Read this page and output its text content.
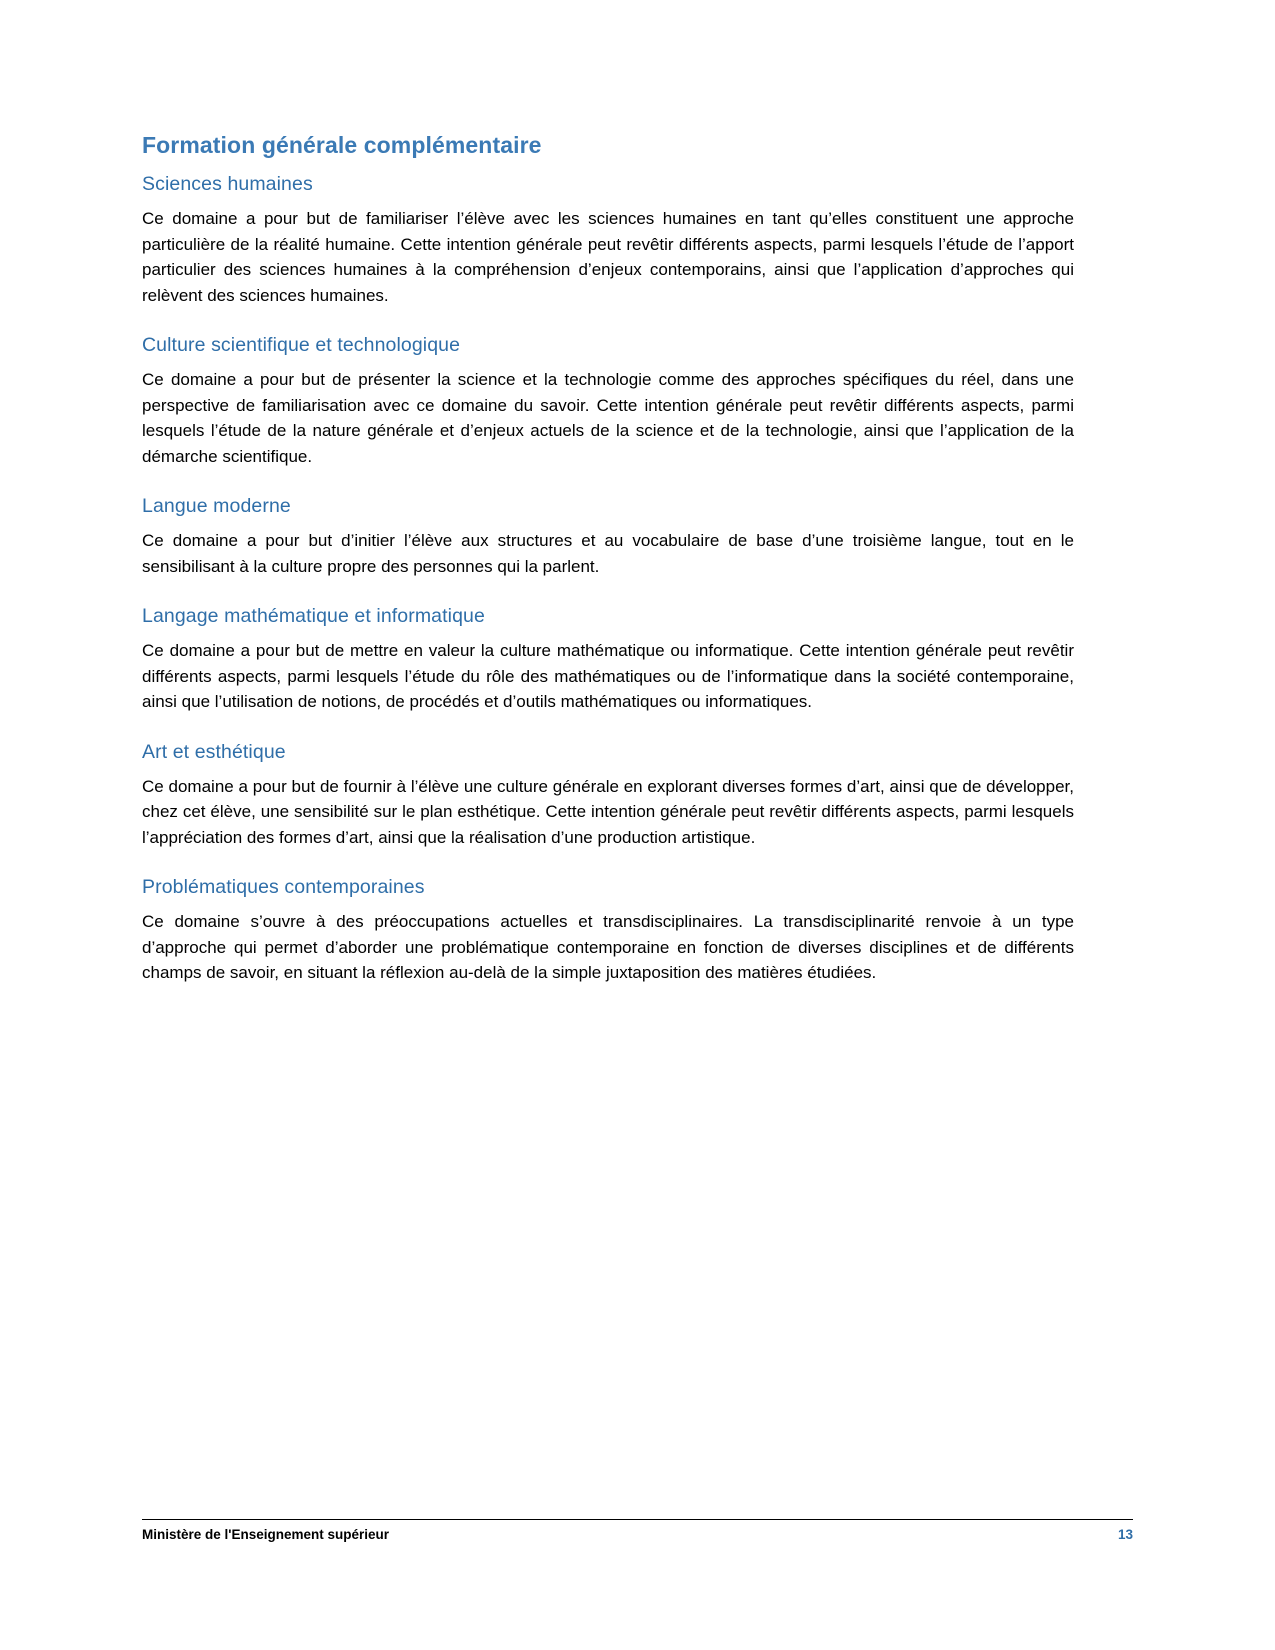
Formation générale complémentaire
Sciences humaines

Ce domaine a pour but de familiariser l’élève avec les sciences humaines en tant qu’elles constituent une approche particulière de la réalité humaine. Cette intention générale peut revêtir différents aspects, parmi lesquels l’étude de l’apport particulier des sciences humaines à la compréhension d’enjeux contemporains, ainsi que l’application d’approches qui relèvent des sciences humaines.

Culture scientifique et technologique

Ce domaine a pour but de présenter la science et la technologie comme des approches spécifiques du réel, dans une perspective de familiarisation avec ce domaine du savoir. Cette intention générale peut revêtir différents aspects, parmi lesquels l’étude de la nature générale et d’enjeux actuels de la science et de la technologie, ainsi que l’application de la démarche scientifique.

Langue moderne

Ce domaine a pour but d’initier l’élève aux structures et au vocabulaire de base d’une troisième langue, tout en le sensibilisant à la culture propre des personnes qui la parlent.

Langage mathématique et informatique

Ce domaine a pour but de mettre en valeur la culture mathématique ou informatique. Cette intention générale peut revêtir différents aspects, parmi lesquels l’étude du rôle des mathématiques ou de l’informatique dans la société contemporaine, ainsi que l’utilisation de notions, de procédés et d’outils mathématiques ou informatiques.

Art et esthétique

Ce domaine a pour but de fournir à l’élève une culture générale en explorant diverses formes d’art, ainsi que de développer, chez cet élève, une sensibilité sur le plan esthétique. Cette intention générale peut revêtir différents aspects, parmi lesquels l’appréciation des formes d’art, ainsi que la réalisation d’une production artistique.

Problématiques contemporaines

Ce domaine s’ouvre à des préoccupations actuelles et transdisciplinaires. La transdisciplinarité renvoie à un type d’approche qui permet d’aborder une problématique contemporaine en fonction de diverses disciplines et de différents champs de savoir, en situant la réflexion au-delà de la simple juxtaposition des matières étudiées.

Ministère de l'Enseignement supérieur	13
